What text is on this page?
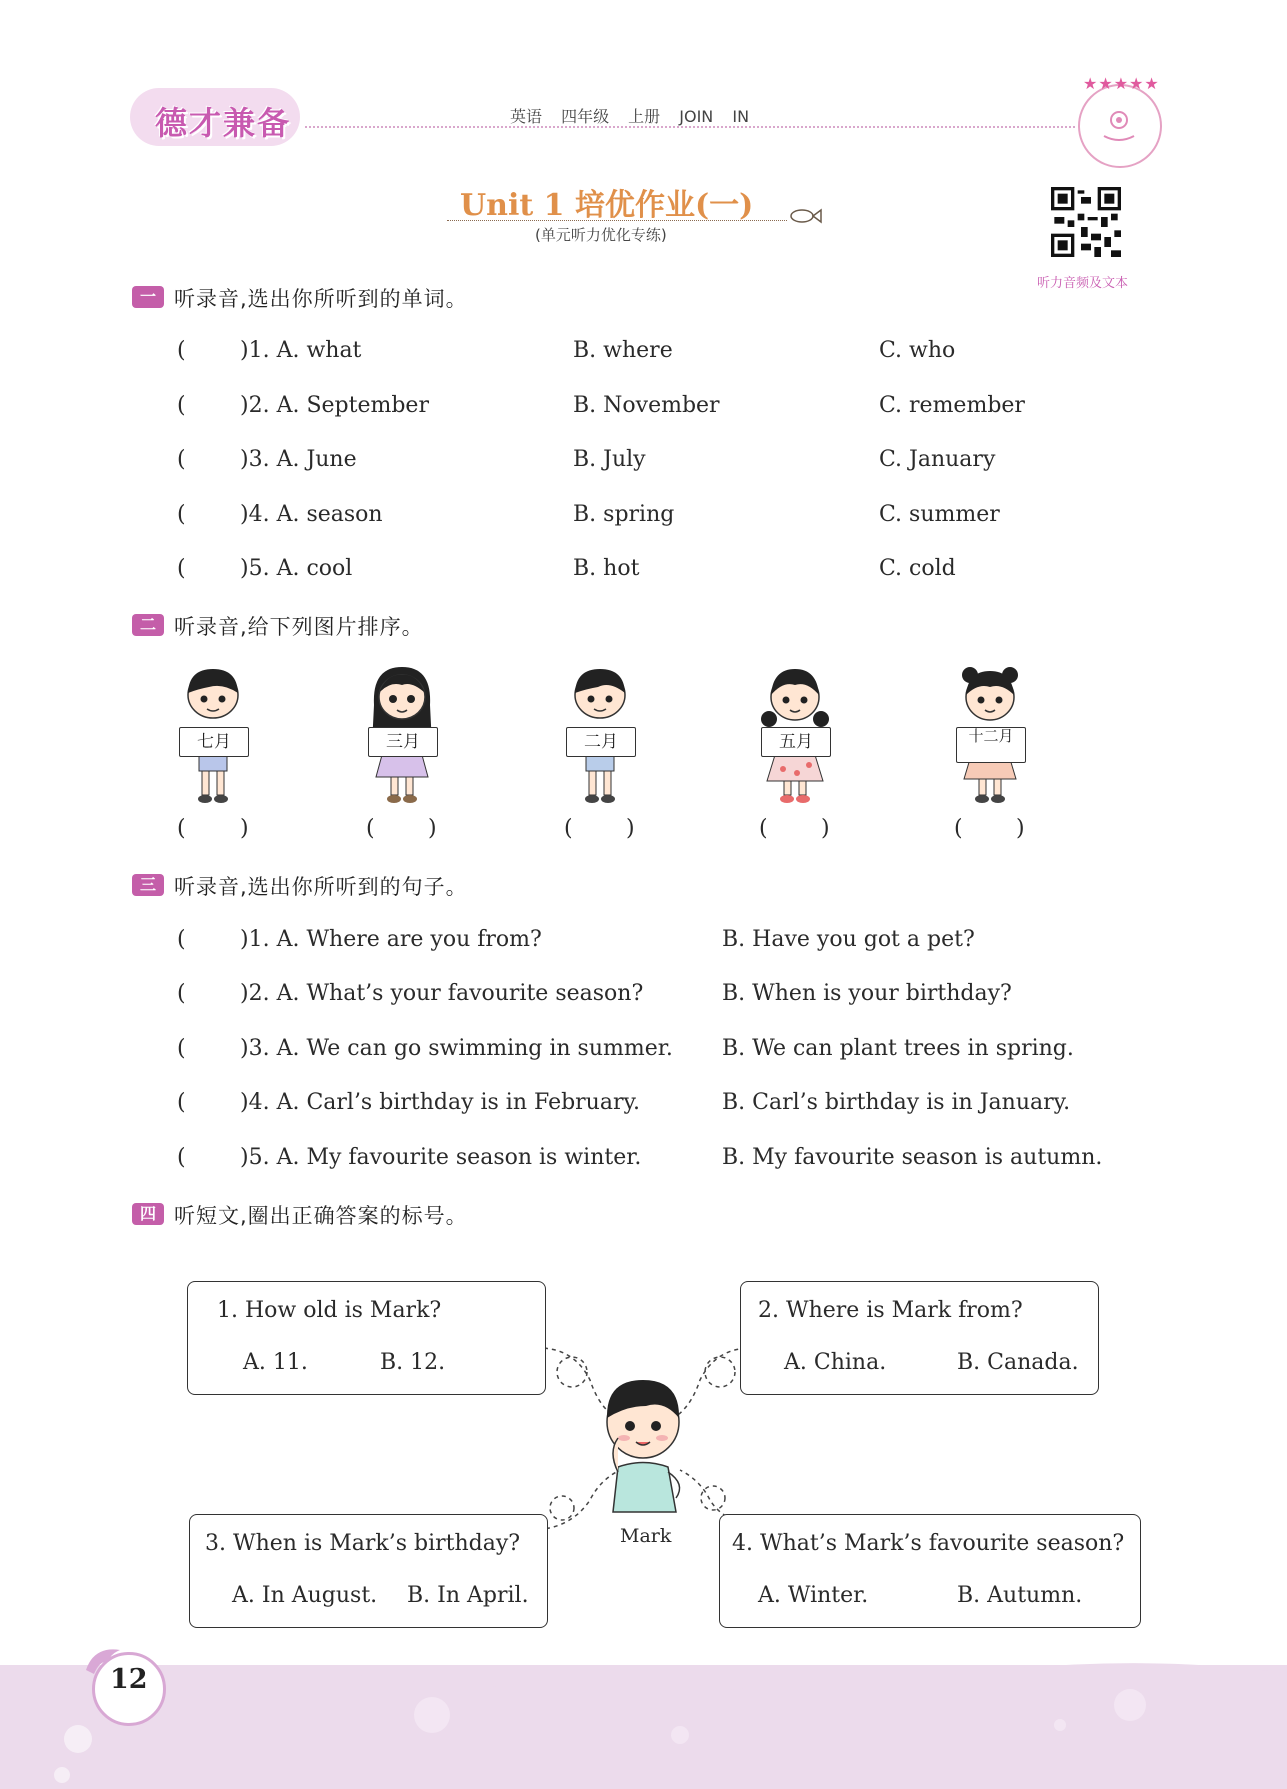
德才兼备	英语 四年级 上册 JOIN IN
★★★★★
Unit 1 培优作业(一)
(单元听力优化专练)
听力音频及文本
一 听录音,选出你所听到的单词。
( )1. A. what	B. where	C. who
( )2. A. September	B. November	C. remember
( )3. A. June	B. July	C. January
( )4. A. season	B. spring	C. summer
( )5. A. cool	B. hot	C. cold
二 听录音,给下列图片排序。
七月	三月	二月	五月	十二月
( )	( )	( )	( )	( )
三 听录音,选出你所听到的句子。
( )1. A. Where are you from?	B. Have you got a pet?
( )2. A. What’s your favourite season?	B. When is your birthday?
( )3. A. We can go swimming in summer. B. We can plant trees in spring.
( )4. A. Carl’s birthday is in February.	B. Carl’s birthday is in January.
( )5. A. My favourite season is winter.	B. My favourite season is autumn.
四 听短文,圈出正确答案的标号。
1. How old is Mark?
A. 11.	B. 12.
2. Where is Mark from?
A. China.	B. Canada.
3. When is Mark’s birthday?
A. In August. B. In April.
4. What’s Mark’s favourite season?
A. Winter.	B. Autumn.
Mark
12
